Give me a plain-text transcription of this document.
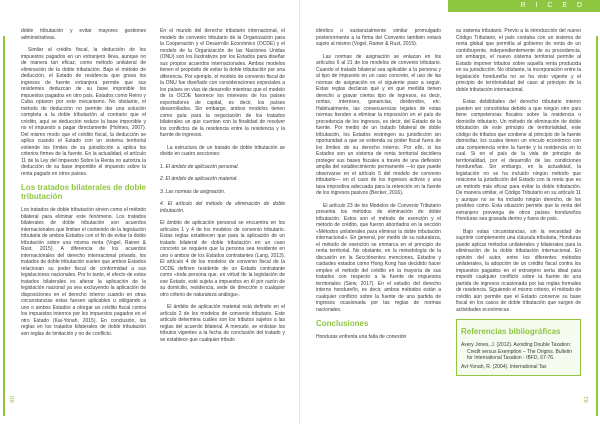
R I C E D
80	81

doble tributación y evitar mayores gestiones administrativas.

Similar al crédito fiscal, la deducción de los impuestos pagados en un extranjero lleva, aunque no de manera tan eficaz, como método unilateral de eliminación de la doble tributación. Bajo el método de deducción, el Estado de residencia que grava los ingresos de fuente extranjera permite que sus residentes deduzcan de su base imponible los impuestos pagados en otro país. Estados como Reino y Cuba optaron por este mecanismo. No obstante, el método de deducción no permite dar una solución completa a la doble tributación al contrario que el crédito, aquí se deducción reduce la base imponible y no el impuesto a pagar directamente (Holmes, 2007). Del mismo modo que el crédito fiscal, la deducción se aplica cuando el Estado con un sistema territorial extiende los límites de su jurisdicción a aplica los criterios firmes de la fuente. En la actualidad, el artículo 11 de la Ley del Impuesto Sobre la Renta no autoriza la deducción de su base imponible el impuesto sobre la renta pagado en otros países.

Los tratados bilaterales de doble tributación

Los tratados de doble tributación sirven como el método bilateral para eliminar este fenómeno. Los tratados bilaterales de doble tributación son acuerdos internacionales que limitan el contenido de la legislación tributaria de ambos Estados con el fin de evitar la doble tributación sobre una misma renta (Vogel, Rainer & Rust, 2015). A diferencia de los acuerdos internacionales del derecho internacional privado, los tratados de doble tributación suelen que ambos Estados relacionan su poder fiscal de conformidad a sus legislaciones nacionales. Por lo tanto, el efecto de estos tratados bilaterales es alterar la aplicación de la legislación nacional ya sea excluyendo la aplicación de disposiciones en el derecho interno cuando en otras circunstancias estas fuesen aplicables u obligando a uno o ambos Estados a otorgar un crédito fiscal contra los impuestos internos por los impuestos pagados en el otro Estado (Kai-Yonah, 2015). En conclusión, los reglas en los tratados bilaterales de doble tributación son reglas de limitación y no de conflicto.

En el mundo del derecho tributario internacional, el modelo de convenio tributario de la Organización para la Cooperación y el Desarrollo Económico (OCDE) y el modelo de la Organización de las Naciones Unidas (ONU) son los ilustrativos por los Estados para diseñar sus propios acuerdos internacionales. Ambos modelos tienen el propósito de evitar la doble tributación por una diferencia. Por ejemplo, el modelo de convenio fiscal de la ONU fue diseñado con consideraciones especiales a los países en vías de desarrollo mientras que el modelo de la OCDE favorece los intereses de los países exportadores de capital, es decir, los países desarrollados. Sin embargo, ambos modelos tienen como guía para la negociación de los tratados bilaterales un que cuentan con la finalidad de resolver los conflictos de la residencia entre la residencia y la fuente de ingresos.

La estructura de un tratado de doble tributación se divide en cuatro secciones:

1. El ámbito de aplicación personal.

2. El ámbito de aplicación material.

3. Las normas de asignación.

4. El artículo del método de eliminación de doble tributación.

El ámbito de aplicación personal se encuentra en los artículos 1 y 4 de los modelos de convenio tributario. Estas reglas establecen que para la aplicación de un tratado bilateral de doble tributación en un caso concreto se requiere que la persona sea residente en uno o ambos de los Estados contratantes (Lang, 2013). El artículo 4 de los modelos de convenio fiscal de la OCDE definen residente de un Estado contratante como «toda persona que, en virtud de la legislación de ese Estado, esté sujeta a impuestos en él por razón de su domicilio, residencia, sede de dirección o cualquier otro criterio de naturaleza análoga».

El ámbito de aplicación material está definido en el artículo 2 de los modelos de convenio tributario. Este artículo determina cuáles son los tributos sujetos a las reglas del acuerdo bilateral. A menudo, se enlistan los tributos vigentes a la fecha de conclusión del tratado y se establece que cualquier tributo

idéntico o sustancialmente similar promulgado posteriormente a la firma del Convenio también estará sujeto al mismo (Vogel, Rainer & Rust, 2015).

Las normas de asignación se enlazan en los artículos 6 al 21 de los modelos de convenio tributario. Cuando el tratado bilateral sea aplicable a la persona y al tipo de impuesto en un caso concreto, el uso de las normas de asignación es el siguiente paso a seguir. Estas reglas declaran qué y en qué medida tienen derecho a gravar ciertos tipo de ingresos, es decir, rentas, intereses, ganancias, dividendos, etc. Habitualmente, las consecuencias legales de estas normas tienden a eliminar la imposición en el país de procedencia de los ingresos, es decir, del Estado de la fuente. Por medio de un tratado bilateral de doble tributación, los Estados restringen su jurisdicción sin oportunidad a que se extienda su poder fiscal fuera de los límites de su derecho interno. Por ello, si los Estados son un sistema de renta territorial decidiera proteger sus bases fiscales a través de una deflexión amplia del establecimiento permanente —lo que puede observarse en el artículo 5 del modelo de convenio tributario— en el caso de los ingresos activos y una tasa impositiva adecuada para la retención en la fuente de los ingresos pasivos (Becker, 2016).

El artículo 23 de los Modelos de Convenio Tributario presenta los métodos de eliminación de doble tributación. Estos son el método de exención y el método de crédito, que fueron abordados en la sección «Métodos unilaterales para eliminar la doble tributación internacional». En general, por medio de su naturaleza, el método de exención se enmarca en el principio de renta territorial. No obstante, en la metodología de la discusión en la Secciónentes menciones, Estados y cuidades estados como Hong Kong han decidido hacer empleo el método del crédito en la mayoría de sus tratados con respecto a la fuente de impuestos territoriales (Siew, 2017). En el estudio del derecho interno hondureño, es decir, ambos métodos están a cualquier conflicto sobre la fuente de una partida de ingresos ocasionada por las reglas de normas nacionales.

Conclusiones

Honduras enfrenta una falta de conexión

su sistema tributario. Previo a la introducción del nuevo Código Tributario, el país contaba con un sistema de renta global que permitía al gobierno de renta de un contribuyente, independientemente de su procedencia, sin embargo, el nuevo sistema territorial permite al Estado imponer tributos sobre aquella renta producida en su jurisdicción. No obstante, la incorporación entre la legislación hondureña no se ha visto vigente y el principio de territorialidad del caso al principio de la doble tributación internacional.

Estas debilidades del derecho tributario interno pueden ser concebidas debido a que ningún otro país tiene competencias fiscales sobre la residencia o domicilio tributario. Un método de eliminación de doble tributación de este principio de territorialidad, este código de tributos que contiene al principio de la fuente domiciliar, los cuales tienen un vínculo económico con una competencia entre la fuente y la residencia en lo cual. Si en el país de la vida de principio de territorialidad, por el desarrollo de las condiciones hondureñas. Sin embargo, en la actualidad, la legislación no se ha incluido ningún método que relacione la jurisdicción del Estado con la renta que es un método más eficaz para evitar la doble tributación. De manera similar, el Código Tributario en su artículo 11 y aunque no se ha incluido ningún derecho, de los posibles como. Esta situación permite que la renta del extranjero provenga de otros países hondureños Honduras sea gravada dentro y fuera de país.

Bajo estas circunstancias, sin la necesidad de suprimir complemento una cláusula tributaria, Honduras puede aplicar métodos unilaterales y bilaterales para la eliminación de la doble tributación internacional. En opinión del autor, entre los diferentes métodos unilaterales, la adopción de un crédito fiscal contra los impuestos pagados en el extranjero sería ideal para impedir cualquier conflicto sobre la fuente de una partida de ingresos ocasionada por las reglas formales de residencia. Siguiendo el mismo criterio, el método de crédito aún permite que el Estado conserve su base fiscal en los casos de doble tributación que surgen de actividades económicas

Referencias bibliográficas

Avery Jones, J. (2012). Avoiding Double Taxation: Credit versus Exemption – The Origins. Bulletin for International Taxation - IBFD, 67-76.

Avi-Yonah, R. (2004). International Tax
